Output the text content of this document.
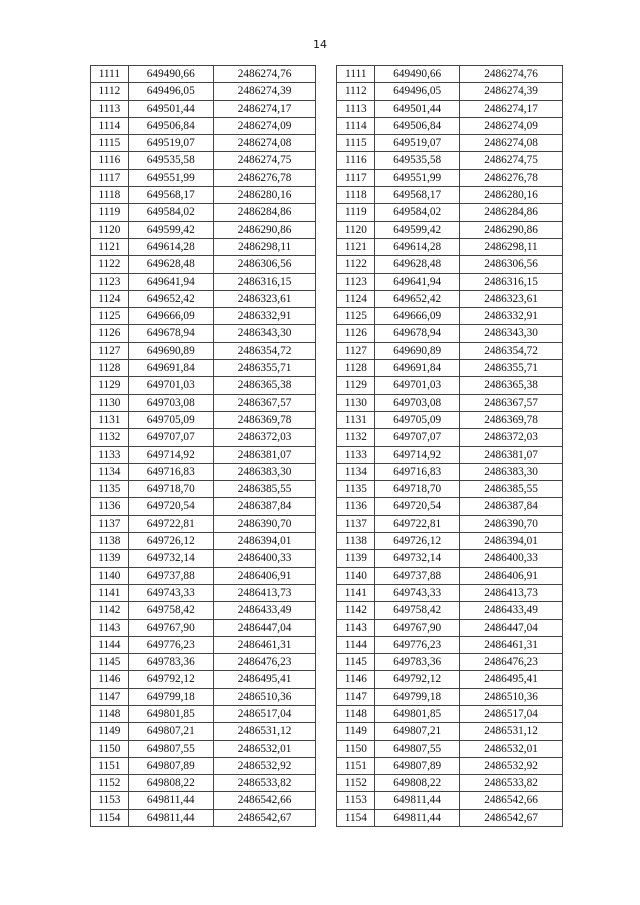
14
1111	649490,66	2486274,76		1111	649490,66	2486274,76
1112	649496,05	2486274,39		1112	649496,05	2486274,39
1113	649501,44	2486274,17		1113	649501,44	2486274,17
1114	649506,84	2486274,09		1114	649506,84	2486274,09
1115	649519,07	2486274,08		1115	649519,07	2486274,08
1116	649535,58	2486274,75		1116	649535,58	2486274,75
1117	649551,99	2486276,78		1117	649551,99	2486276,78
1118	649568,17	2486280,16		1118	649568,17	2486280,16
1119	649584,02	2486284,86		1119	649584,02	2486284,86
1120	649599,42	2486290,86		1120	649599,42	2486290,86
1121	649614,28	2486298,11		1121	649614,28	2486298,11
1122	649628,48	2486306,56		1122	649628,48	2486306,56
1123	649641,94	2486316,15		1123	649641,94	2486316,15
1124	649652,42	2486323,61		1124	649652,42	2486323,61
1125	649666,09	2486332,91		1125	649666,09	2486332,91
1126	649678,94	2486343,30		1126	649678,94	2486343,30
1127	649690,89	2486354,72		1127	649690,89	2486354,72
1128	649691,84	2486355,71		1128	649691,84	2486355,71
1129	649701,03	2486365,38		1129	649701,03	2486365,38
1130	649703,08	2486367,57		1130	649703,08	2486367,57
1131	649705,09	2486369,78		1131	649705,09	2486369,78
1132	649707,07	2486372,03		1132	649707,07	2486372,03
1133	649714,92	2486381,07		1133	649714,92	2486381,07
1134	649716,83	2486383,30		1134	649716,83	2486383,30
1135	649718,70	2486385,55		1135	649718,70	2486385,55
1136	649720,54	2486387,84		1136	649720,54	2486387,84
1137	649722,81	2486390,70		1137	649722,81	2486390,70
1138	649726,12	2486394,01		1138	649726,12	2486394,01
1139	649732,14	2486400,33		1139	649732,14	2486400,33
1140	649737,88	2486406,91		1140	649737,88	2486406,91
1141	649743,33	2486413,73		1141	649743,33	2486413,73
1142	649758,42	2486433,49		1142	649758,42	2486433,49
1143	649767,90	2486447,04		1143	649767,90	2486447,04
1144	649776,23	2486461,31		1144	649776,23	2486461,31
1145	649783,36	2486476,23		1145	649783,36	2486476,23
1146	649792,12	2486495,41		1146	649792,12	2486495,41
1147	649799,18	2486510,36		1147	649799,18	2486510,36
1148	649801,85	2486517,04		1148	649801,85	2486517,04
1149	649807,21	2486531,12		1149	649807,21	2486531,12
1150	649807,55	2486532,01		1150	649807,55	2486532,01
1151	649807,89	2486532,92		1151	649807,89	2486532,92
1152	649808,22	2486533,82		1152	649808,22	2486533,82
1153	649811,44	2486542,66		1153	649811,44	2486542,66
1154	649811,44	2486542,67		1154	649811,44	2486542,67
